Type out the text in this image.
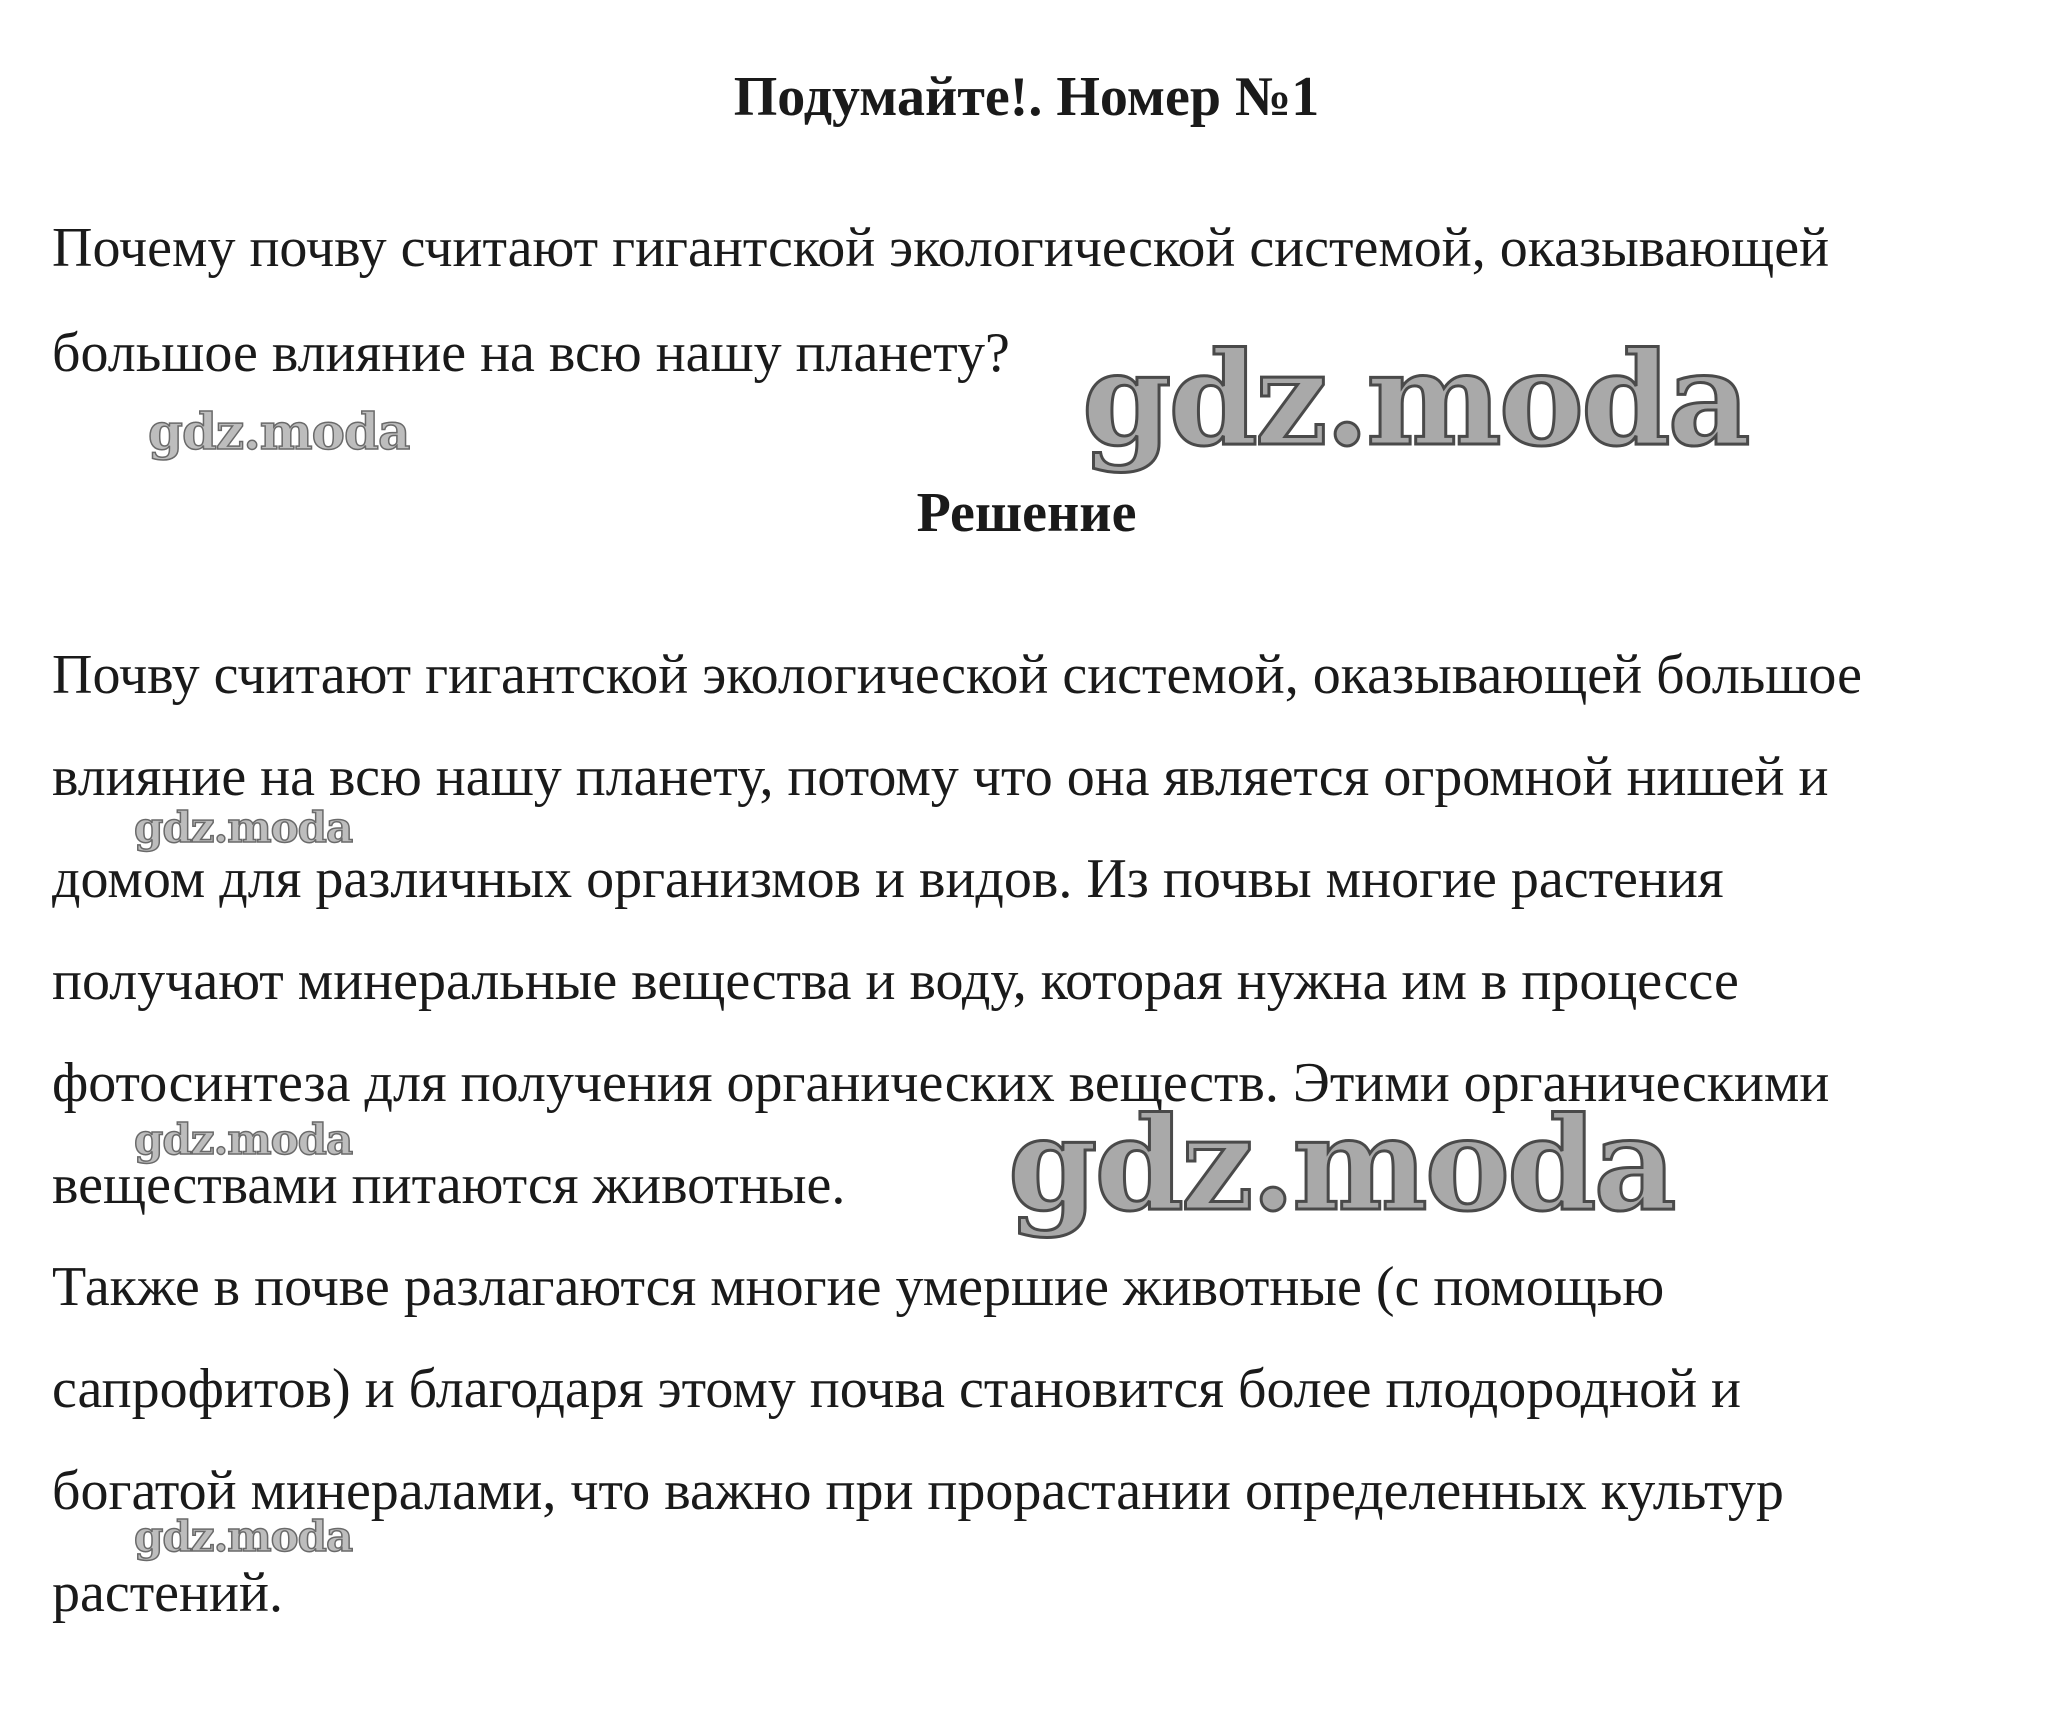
Подумайте!. Номер №1

Почему почву считают гигантской экологической системой, оказывающей

большое влияние на всю нашу планету?

Решение

Почву считают гигантской экологической системой, оказывающей большое

влияние на всю нашу планету, потому что она является огромной нишей и

домом для различных организмов и видов. Из почвы многие растения

получают минеральные вещества и воду, которая нужна им в процессе

фотосинтеза для получения органических веществ. Этими органическими

веществами питаются животные.

Также в почве разлагаются многие умершие животные (с помощью

сапрофитов) и благодаря этому почва становится более плодородной и

богатой минералами, что важно при прорастании определенных культур

растений.

gdz.moda
gdz.moda
gdz.moda
gdz.moda	gdz.moda
gdz.moda
